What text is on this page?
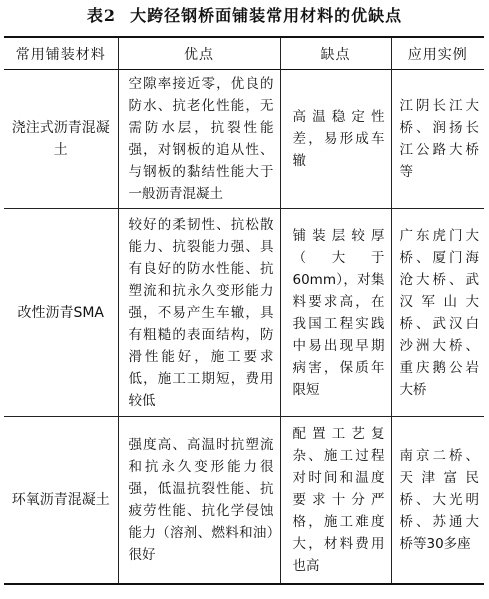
表2 大跨径钢桥面铺装常用材料的优缺点
常用铺装材料	优点	缺点	应用实例
浇注式沥青混凝土	空隙率接近零，优良的防水、抗老化性能，无需防水层，抗裂性能强，对钢板的追从性、与钢板的黏结性能大于一般沥青混凝土	高温稳定性差，易形成车辙	江阴长江大桥、润扬长江公路大桥等
改性沥青SMA	较好的柔韧性、抗松散能力、抗裂能力强、具有良好的防水性能、抗塑流和抗永久变形能力强，不易产生车辙，具有粗糙的表面结构，防滑性能好，施工要求低，施工工期短，费用较低	铺装层较厚（大于60mm），对集料要求高，在我国工程实践中易出现早期病害，保质年限短	广东虎门大桥、厦门海沧大桥、武汉军山大桥、武汉白沙洲大桥、重庆鹅公岩大桥
环氧沥青混凝土	强度高、高温时抗塑流和抗永久变形能力很强，低温抗裂性能、抗疲劳性能、抗化学侵蚀能力（溶剂、燃料和油）很好	配置工艺复杂、施工过程对时间和温度要求十分严格，施工难度大，材料费用也高	南京二桥、天津富民桥、大光明桥、苏通大桥等30多座
